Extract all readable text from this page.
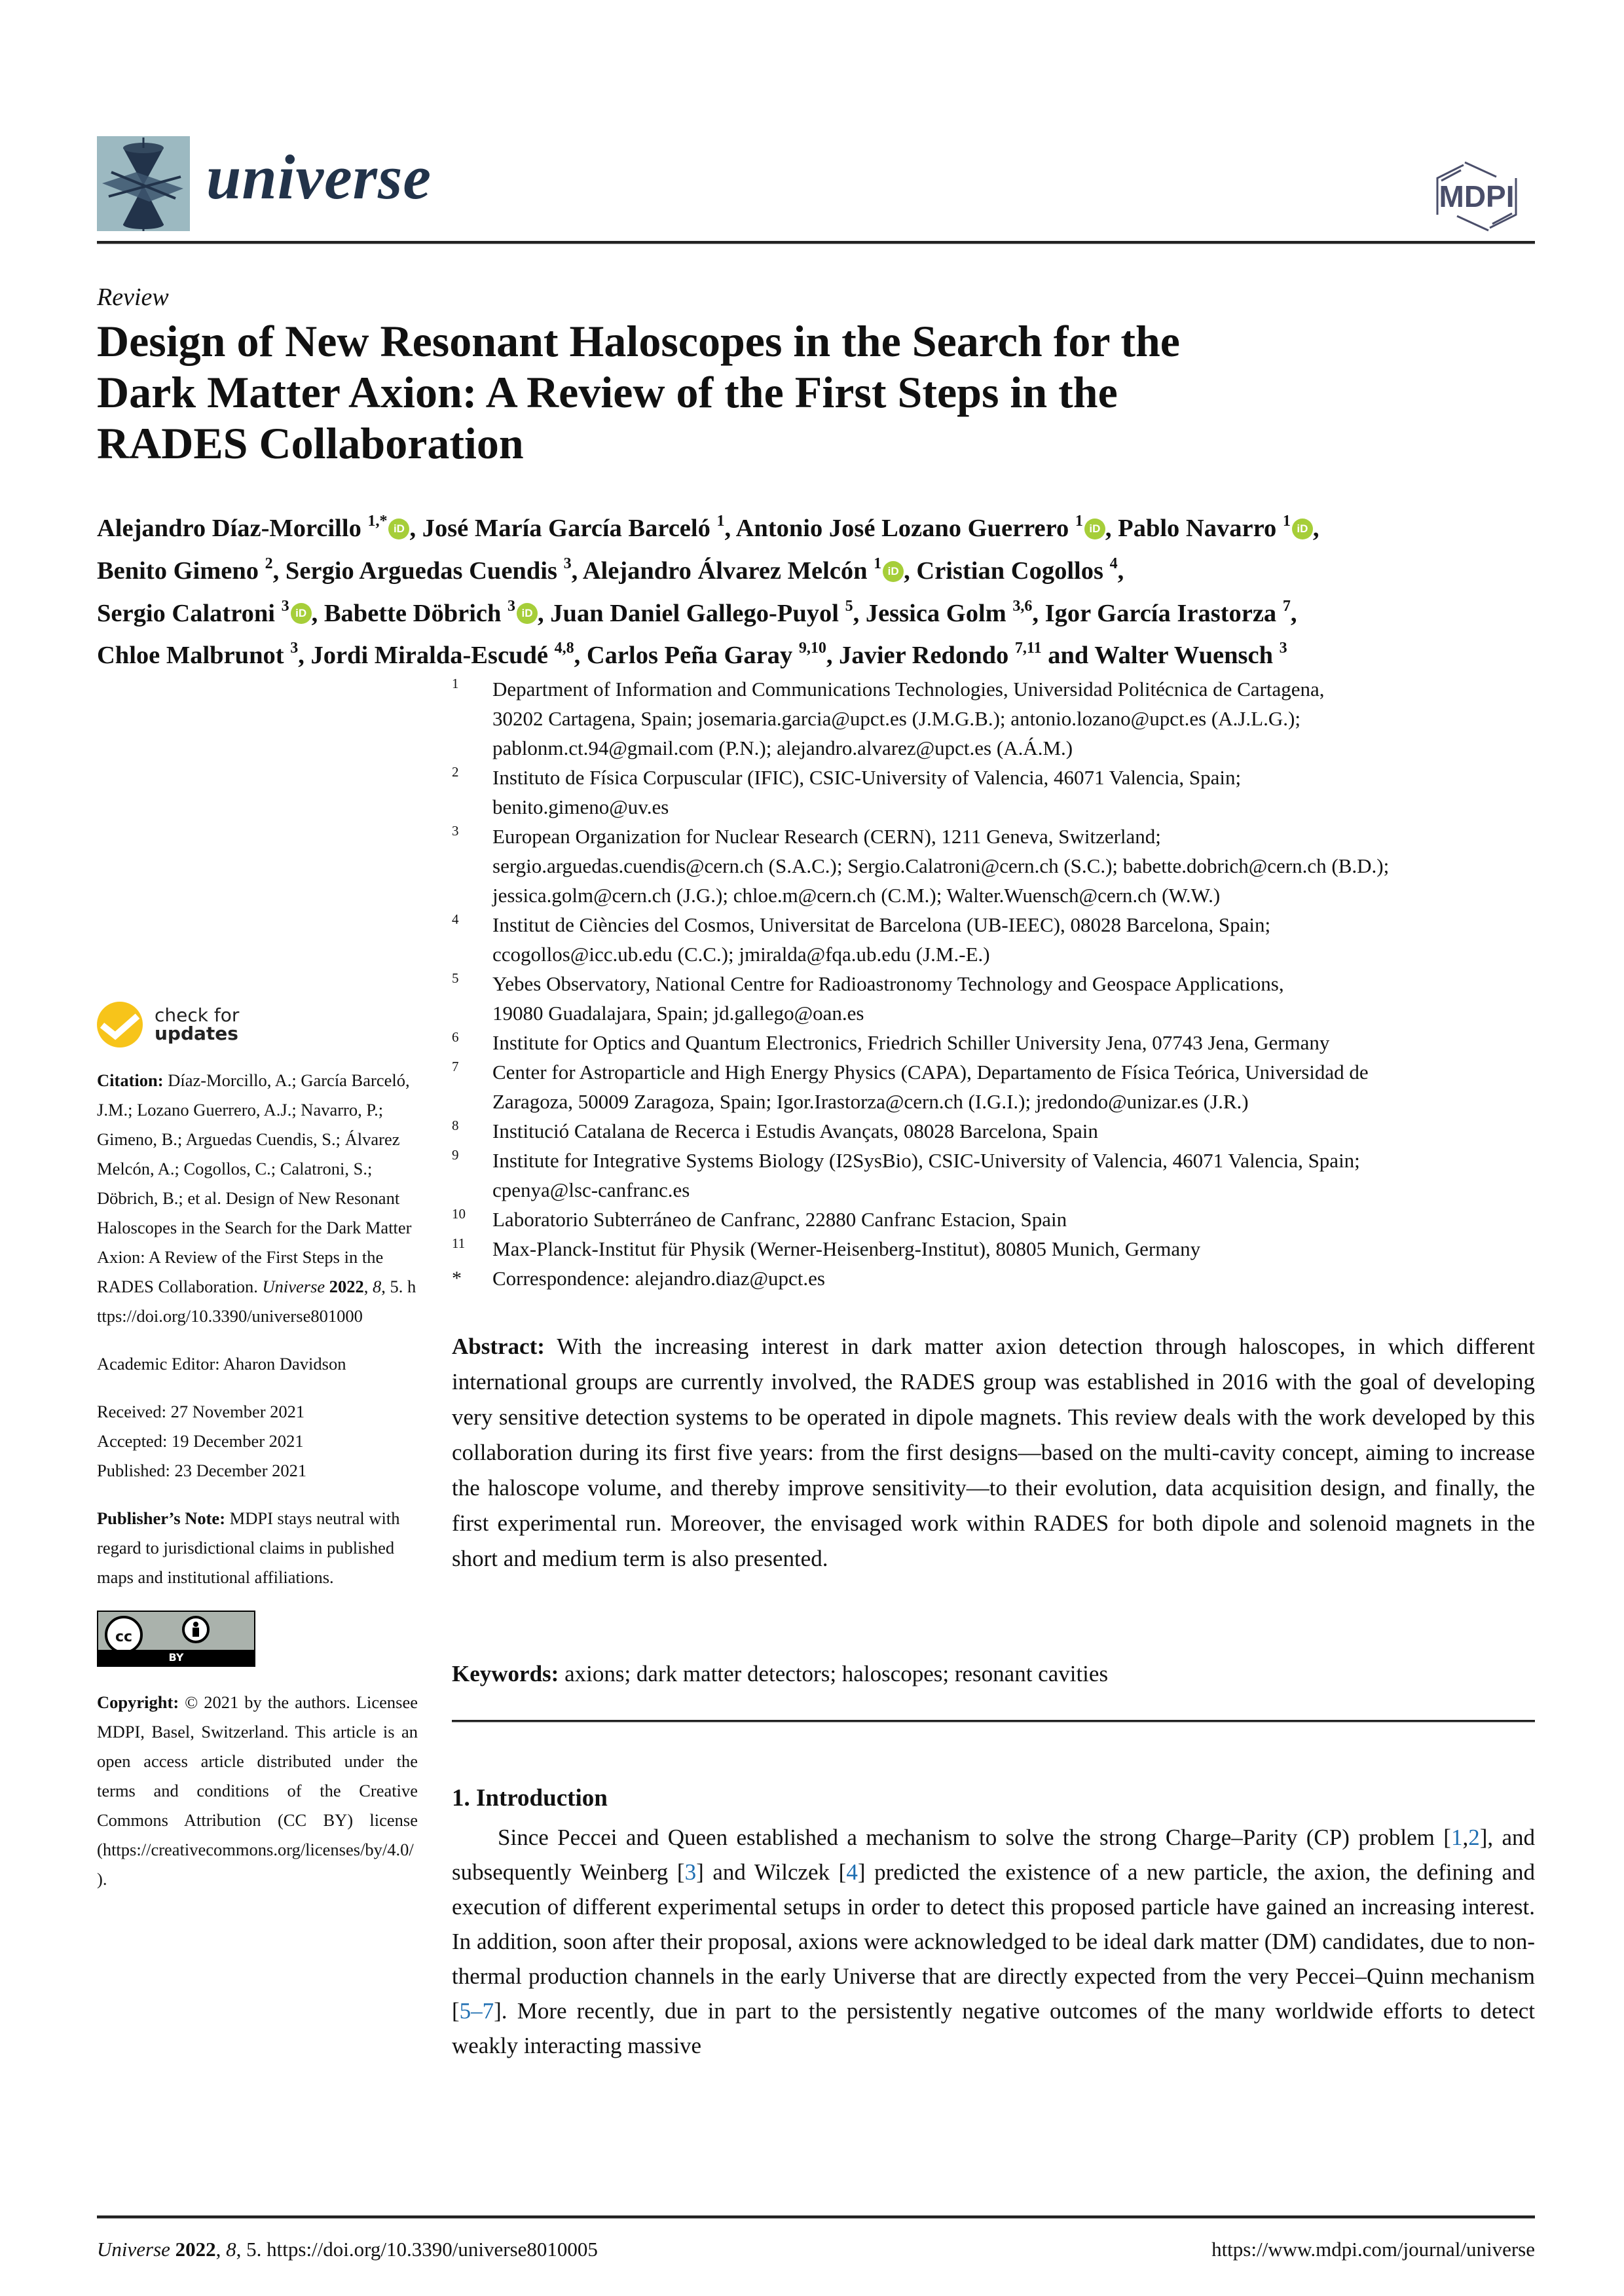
universe	MDPI
Review
Design of New Resonant Haloscopes in the Search for the
Dark Matter Axion: A Review of the First Steps in the
RADES Collaboration
Alejandro Díaz-Morcillo $^{1,*}$ iD , José María García Barceló $^1$, Antonio José Lozano Guerrero $^1$ iD , Pablo Navarro $^1$ iD ,
Benito Gimeno $^2$, Sergio Arguedas Cuendis $^3$, Alejandro Álvarez Melcón $^1$ iD , Cristian Cogollos $^4$,
Sergio Calatroni $^3$ iD , Babette Döbrich $^3$ iD , Juan Daniel Gallego-Puyol $^5$, Jessica Golm $^{3,6}$, Igor García Irastorza $^7$,
Chloe Malbrunot $^3$, Jordi Miralda-Escudé $^{4,8}$, Carlos Peña Garay $^{9,10}$, Javier Redondo $^{7,11}$ and Walter Wuensch $^3$
1 Department of Information and Communications Technologies, Universidad Politécnica de Cartagena,
30202 Cartagena, Spain; josemaria.garcia@upct.es (J.M.G.B.); antonio.lozano@upct.es (A.J.L.G.);
pablonm.ct.94@gmail.com (P.N.); alejandro.alvarez@upct.es (A.Á.M.)
2 Instituto de Física Corpuscular (IFIC), CSIC-University of Valencia, 46071 Valencia, Spain;
benito.gimeno@uv.es
3 European Organization for Nuclear Research (CERN), 1211 Geneva, Switzerland;
sergio.arguedas.cuendis@cern.ch (S.A.C.); Sergio.Calatroni@cern.ch (S.C.); babette.dobrich@cern.ch (B.D.);
jessica.golm@cern.ch (J.G.); chloe.m@cern.ch (C.M.); Walter.Wuensch@cern.ch (W.W.)
4 Institut de Ciències del Cosmos, Universitat de Barcelona (UB-IEEC), 08028 Barcelona, Spain;
ccogollos@icc.ub.edu (C.C.); jmiralda@fqa.ub.edu (J.M.-E.)
5 Yebes Observatory, National Centre for Radioastronomy Technology and Geospace Applications,
19080 Guadalajara, Spain; jd.gallego@oan.es
6 Institute for Optics and Quantum Electronics, Friedrich Schiller University Jena, 07743 Jena, Germany
7 Center for Astroparticle and High Energy Physics (CAPA), Departamento de Física Teórica, Universidad de
Zaragoza, 50009 Zaragoza, Spain; Igor.Irastorza@cern.ch (I.G.I.); jredondo@unizar.es (J.R.)
8 Institució Catalana de Recerca i Estudis Avançats, 08028 Barcelona, Spain
9 Institute for Integrative Systems Biology (I2SysBio), CSIC-University of Valencia, 46071 Valencia, Spain;
cpenya@lsc-canfranc.es
10 Laboratorio Subterráneo de Canfranc, 22880 Canfranc Estacion, Spain
11 Max-Planck-Institut für Physik (Werner-Heisenberg-Institut), 80805 Munich, Germany
* Correspondence: alejandro.diaz@upct.es
check for
updates
Citation: Díaz-Morcillo, A.; García Barceló, J.M.; Lozano Guerrero, A.J.; Navarro, P.; Gimeno, B.; Arguedas Cuendis, S.; Álvarez Melcón, A.; Cogollos, C.; Calatroni, S.; Döbrich, B.; et al. Design of New Resonant Haloscopes in the Search for the Dark Matter Axion: A Review of the First Steps in the RADES Collaboration. Universe 2022, 8, 5. https://doi.org/10.3390/universe801000
Academic Editor: Aharon Davidson
Received: 27 November 2021
Accepted: 19 December 2021
Published: 23 December 2021
Publisher’s Note: MDPI stays neutral with regard to jurisdictional claims in published maps and institutional affiliations.
cc
BY
Copyright: © 2021 by the authors. Licensee MDPI, Basel, Switzerland. This article is an open access article distributed under the terms and conditions of the Creative Commons Attribution (CC BY) license (https://creativecommons.org/licenses/by/4.0/).
Abstract: With the increasing interest in dark matter axion detection through haloscopes, in which different international groups are currently involved, the RADES group was established in 2016 with the goal of developing very sensitive detection systems to be operated in dipole magnets. This review deals with the work developed by this collaboration during its first five years: from the first designs—based on the multi-cavity concept, aiming to increase the haloscope volume, and thereby improve sensitivity—to their evolution, data acquisition design, and finally, the first experimental run. Moreover, the envisaged work within RADES for both dipole and solenoid magnets in the short and medium term is also presented.
Keywords: axions; dark matter detectors; haloscopes; resonant cavities
1. Introduction
Since Peccei and Queen established a mechanism to solve the strong Charge–Parity (CP) problem [1,2], and subsequently Weinberg [3] and Wilczek [4] predicted the existence of a new particle, the axion, the defining and execution of different experimental setups in order to detect this proposed particle have gained an increasing interest. In addition, soon after their proposal, axions were acknowledged to be ideal dark matter (DM) candidates, due to non-thermal production channels in the early Universe that are directly expected from the very Peccei–Quinn mechanism [5–7]. More recently, due in part to the persistently negative outcomes of the many worldwide efforts to detect weakly interacting massive
Universe 2022, 8, 5. https://doi.org/10.3390/universe8010005	https://www.mdpi.com/journal/universe
